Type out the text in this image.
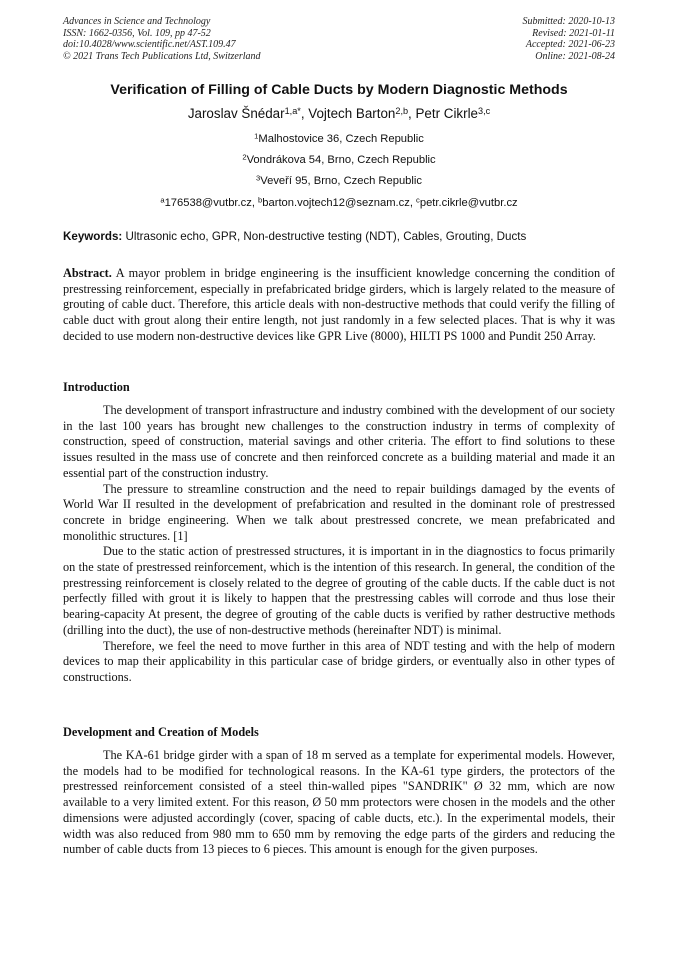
Advances in Science and Technology
ISSN: 1662-0356, Vol. 109, pp 47-52
doi:10.4028/www.scientific.net/AST.109.47
© 2021 Trans Tech Publications Ltd, Switzerland
Submitted: 2020-10-13
Revised: 2021-01-11
Accepted: 2021-06-23
Online: 2021-08-24
Verification of Filling of Cable Ducts by Modern Diagnostic Methods
Jaroslav Šnédar$^{1,a*}$, Vojtech Barton$^{2,b}$, Petr Cikrle$^{3,c}$
$^1$Malhostovice 36, Czech Republic
$^2$Vondrákova 54, Brno, Czech Republic
$^3$Veveří 95, Brno, Czech Republic
$^a$176538@vutbr.cz, $^b$barton.vojtech12@seznam.cz, $^c$petr.cikrle@vutbr.cz
Keywords: Ultrasonic echo, GPR, Non-destructive testing (NDT), Cables, Grouting, Ducts

Abstract. A mayor problem in bridge engineering is the insufficient knowledge concerning the condition of prestressing reinforcement, especially in prefabricated bridge girders, which is largely related to the measure of grouting of cable duct. Therefore, this article deals with non-destructive methods that could verify the filling of cable duct with grout along their entire length, not just randomly in a few selected places. That is why it was decided to use modern non-destructive devices like GPR Live (8000), HILTI PS 1000 and Pundit 250 Array.

Introduction

The development of transport infrastructure and industry combined with the development of our society in the last 100 years has brought new challenges to the construction industry in terms of complexity of construction, speed of construction, material savings and other criteria. The effort to find solutions to these issues resulted in the mass use of concrete and then reinforced concrete as a building material and made it an essential part of the construction industry.

The pressure to streamline construction and the need to repair buildings damaged by the events of World War II resulted in the development of prefabrication and resulted in the dominant role of prestressed concrete in bridge engineering. When we talk about prestressed concrete, we mean prefabricated and monolithic structures. [1]

Due to the static action of prestressed structures, it is important in in the diagnostics to focus primarily on the state of prestressed reinforcement, which is the intention of this research. In general, the condition of the prestressing reinforcement is closely related to the degree of grouting of the cable ducts. If the cable duct is not perfectly filled with grout it is likely to happen that the prestressing cables will corrode and thus lose their bearing-capacity At present, the degree of grouting of the cable ducts is verified by rather destructive methods (drilling into the duct), the use of non-destructive methods (hereinafter NDT) is minimal.

Therefore, we feel the need to move further in this area of NDT testing and with the help of modern devices to map their applicability in this particular case of bridge girders, or eventually also in other types of constructions.

Development and Creation of Models

The KA-61 bridge girder with a span of 18 m served as a template for experimental models. However, the models had to be modified for technological reasons. In the KA-61 type girders, the protectors of the prestressed reinforcement consisted of a steel thin-walled pipes "SANDRIK" Ø 32 mm, which are now available to a very limited extent. For this reason, Ø 50 mm protectors were chosen in the models and the other dimensions were adjusted accordingly (cover, spacing of cable ducts, etc.). In the experimental models, their width was also reduced from 980 mm to 650 mm by removing the edge parts of the girders and reducing the number of cable ducts from 13 pieces to 6 pieces. This amount is enough for the given purposes.
